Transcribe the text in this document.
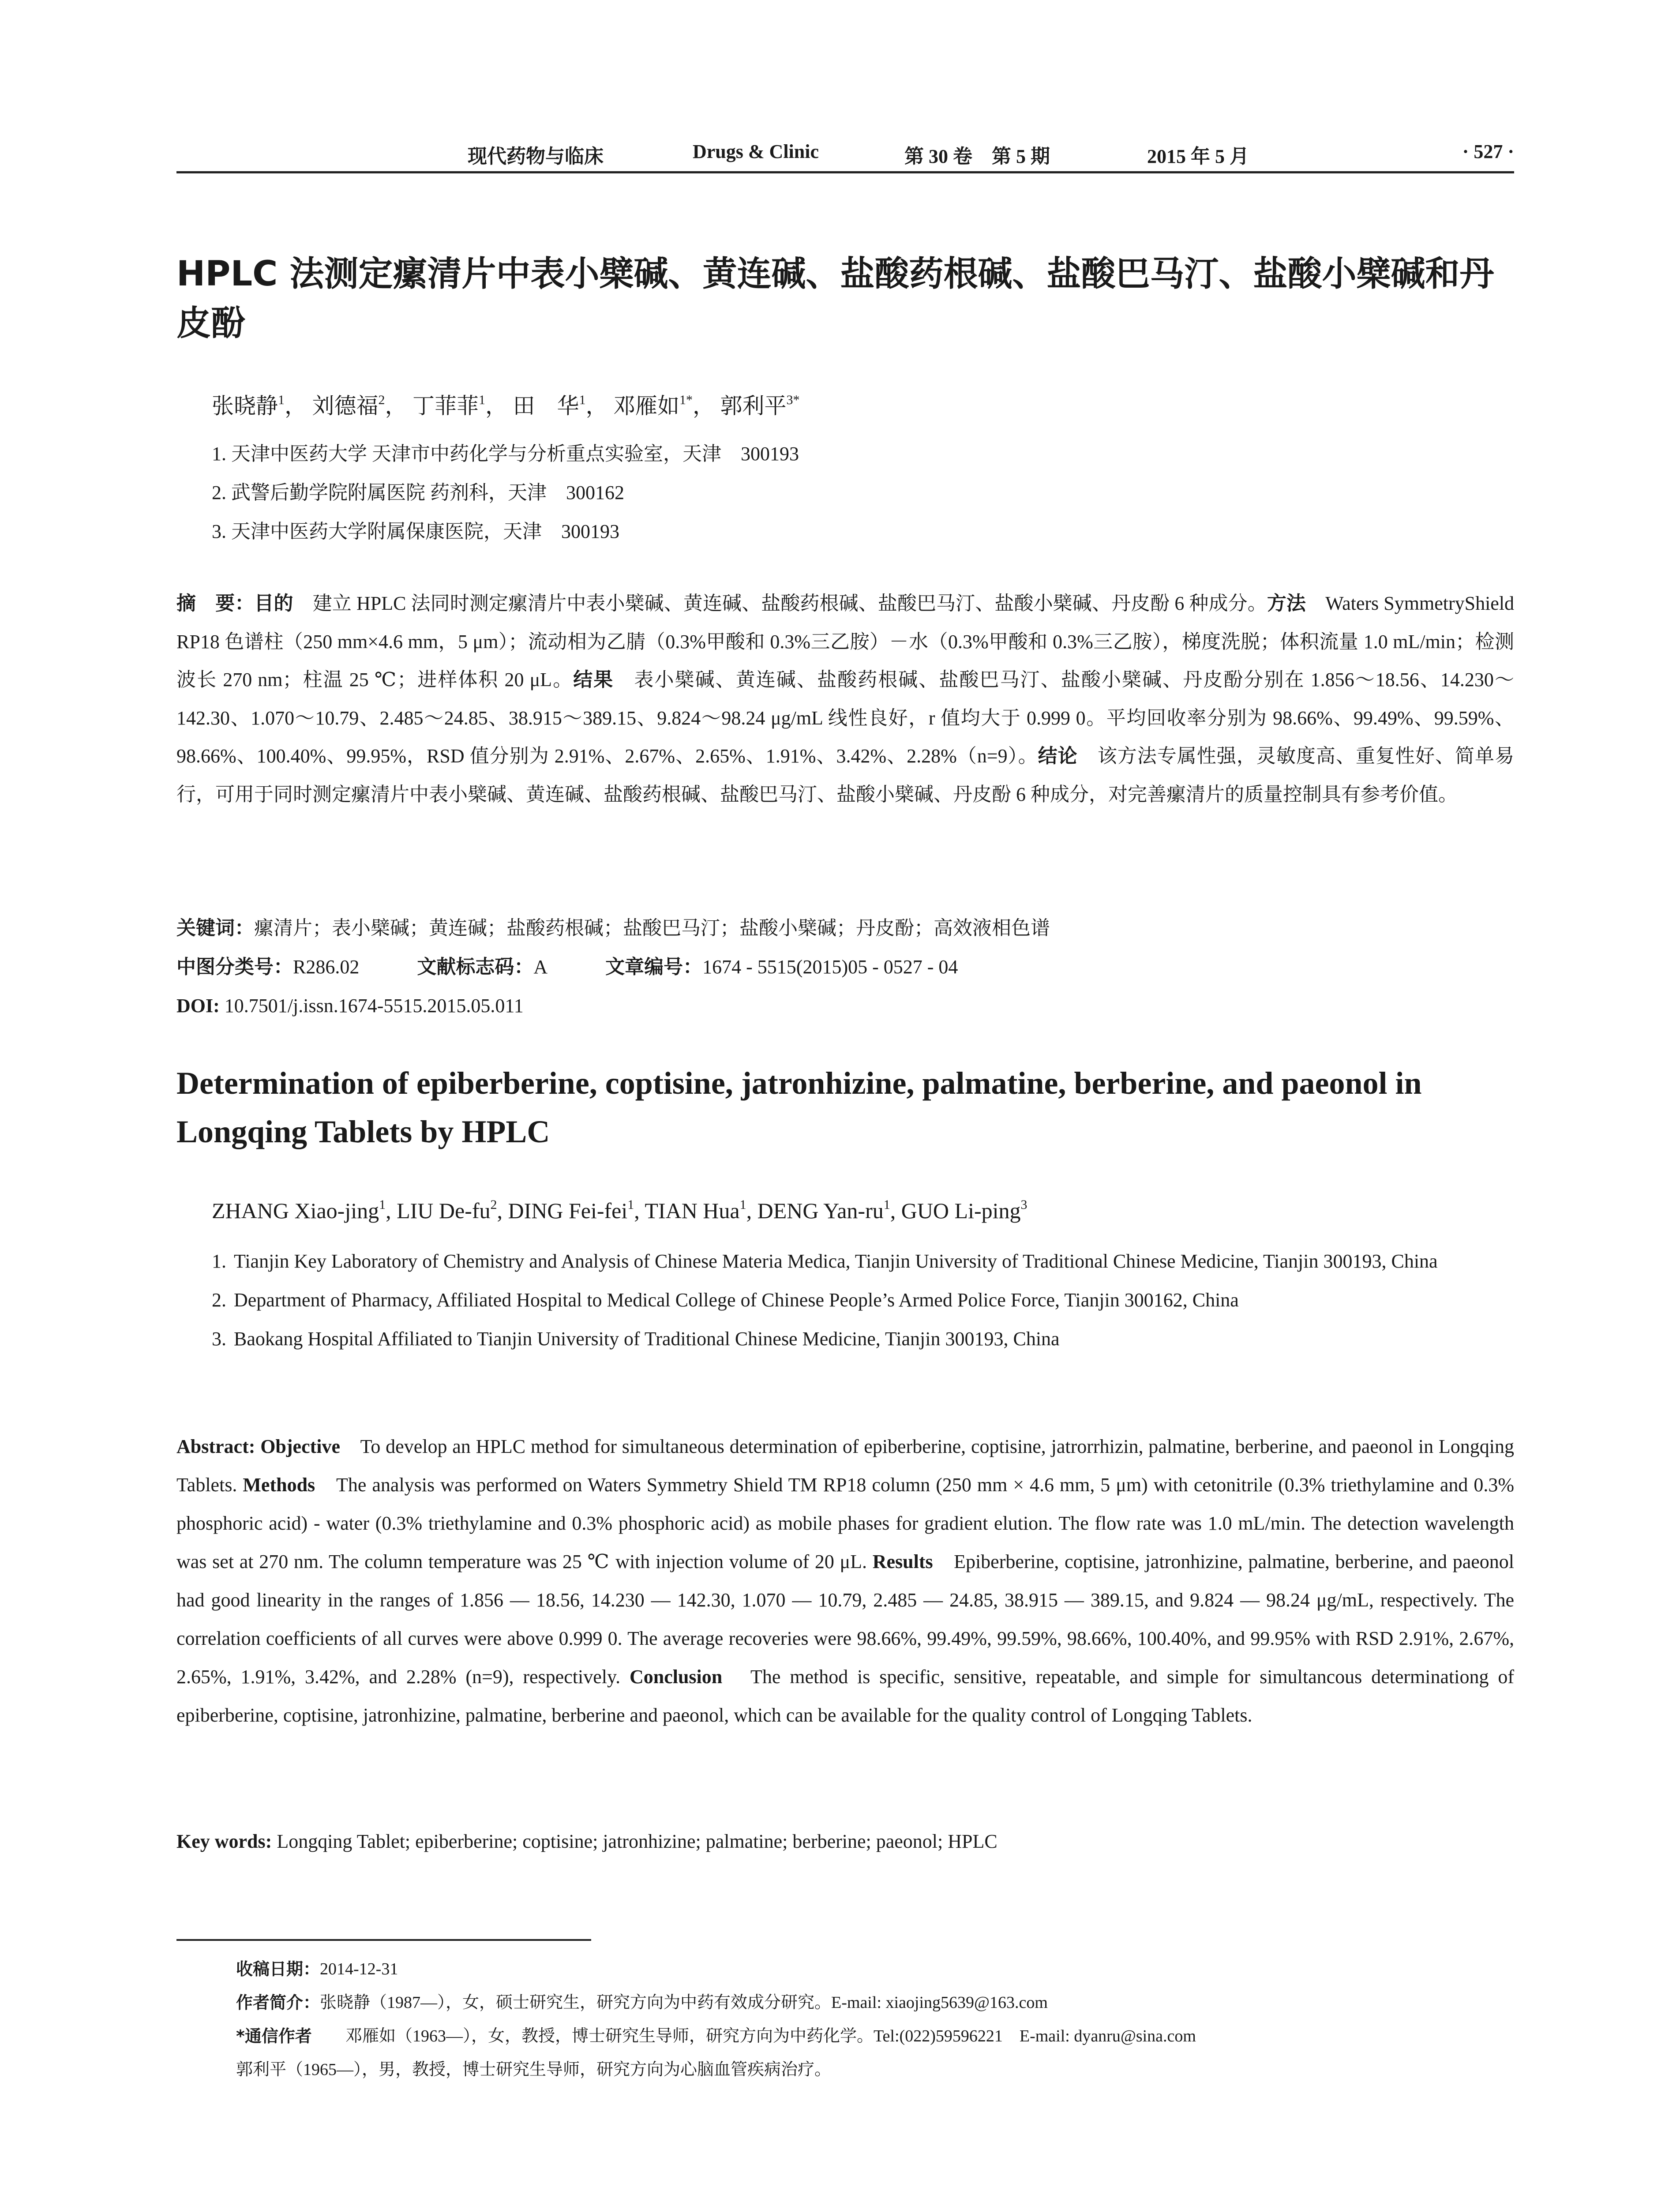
现代药物与临床	Drugs & Clinic	第 30 卷　第 5 期	2015 年 5 月	· 527 ·
HPLC 法测定瘰清片中表小檗碱、黄连碱、盐酸药根碱、盐酸巴马汀、盐酸小檗碱和丹皮酚
张晓静$^1$， 刘德福$^2$， 丁菲菲$^1$， 田　华$^1$， 邓雁如$^{1*}$， 郭利平$^{3*}$
1. 天津中医药大学 天津市中药化学与分析重点实验室，天津　300193
2. 武警后勤学院附属医院 药剂科，天津　300162
3. 天津中医药大学附属保康医院，天津　300193

摘　要：目的　建立 HPLC 法同时测定瘰清片中表小檗碱、黄连碱、盐酸药根碱、盐酸巴马汀、盐酸小檗碱、丹皮酚 6 种成分。方法　Waters SymmetryShield RP18 色谱柱（250 mm×4.6 mm，5 μm）；流动相为乙腈（0.3%甲酸和 0.3%三乙胺）－水（0.3%甲酸和 0.3%三乙胺），梯度洗脱；体积流量 1.0 mL/min；检测波长 270 nm；柱温 25 ℃；进样体积 20 μL。结果　表小檗碱、黄连碱、盐酸药根碱、盐酸巴马汀、盐酸小檗碱、丹皮酚分别在 1.856～18.56、14.230～142.30、1.070～10.79、2.485～24.85、38.915～389.15、9.824～98.24 μg/mL 线性良好，r 值均大于 0.999 0。平均回收率分别为 98.66%、99.49%、99.59%、98.66%、100.40%、99.95%，RSD 值分别为 2.91%、2.67%、2.65%、1.91%、3.42%、2.28%（n=9）。结论　该方法专属性强，灵敏度高、重复性好、简单易行，可用于同时测定瘰清片中表小檗碱、黄连碱、盐酸药根碱、盐酸巴马汀、盐酸小檗碱、丹皮酚 6 种成分，对完善瘰清片的质量控制具有参考价值。

关键词：瘰清片；表小檗碱；黄连碱；盐酸药根碱；盐酸巴马汀；盐酸小檗碱；丹皮酚；高效液相色谱
中图分类号：R286.02	文献标志码：A	文章编号：1674 - 5515(2015)05 - 0527 - 04
DOI: 10.7501/j.issn.1674-5515.2015.05.011
Determination of epiberberine, coptisine, jatronhizine, palmatine, berberine, and paeonol in Longqing Tablets by HPLC
ZHANG Xiao-jing$^1$, LIU $De-fu^2$, DING Fei-fei$^1$, TIAN Hua$^1$, DENG Yan-$ru^1$, GUO Li-ping$^3$
1. Tianjin Key Laboratory of Chemistry and Analysis of Chinese Materia Medica, Tianjin University of Traditional Chinese Medicine, Tianjin 300193, China
2. Department of Pharmacy, Affiliated Hospital to Medical College of Chinese People’s Armed Police Force, Tianjin 300162, China
3. Baokang Hospital Affiliated to Tianjin University of Traditional Chinese Medicine, Tianjin 300193, China

Abstract: Objective　To develop an HPLC method for simultaneous determination of epiberberine, coptisine, jatrorrhizin, palmatine, berberine, and paeonol in Longqing Tablets. Methods　The analysis was performed on Waters Symmetry Shield TM RP18 column (250 mm × 4.6 mm, 5 μm) with cetonitrile (0.3% triethylamine and 0.3% phosphoric acid) - water (0.3% triethylamine and 0.3% phosphoric acid) as mobile phases for gradient elution. The flow rate was 1.0 mL/min. The detection wavelength was set at 270 nm. The column temperature was 25 ℃ with injection volume of 20 μL. Results　Epiberberine, coptisine, jatronhizine, palmatine, berberine, and paeonol had good linearity in the ranges of 1.856 — 18.56, 14.230 — 142.30, 1.070 — 10.79, 2.485 — 24.85, 38.915 — 389.15, and 9.824 — 98.24 μg/mL, respectively. The correlation coefficients of all curves were above 0.999 0. The average recoveries were 98.66%, 99.49%, 99.59%, 98.66%, 100.40%, and 99.95% with RSD 2.91%, 2.67%, 2.65%, 1.91%, 3.42%, and 2.28% (n=9), respectively. Conclusion　The method is specific, sensitive, repeatable, and simple for simultancous determinationg of epiberberine, coptisine, jatronhizine, palmatine, berberine and paeonol, which can be available for the quality control of Longqing Tablets.

Key words: Longqing Tablet; epiberberine; coptisine; jatronhizine; palmatine; berberine; paeonol; HPLC
收稿日期： 2014-12-31
作者简介： 张晓静（1987—），女，硕士研究生，研究方向为中药有效成分研究。E-mail: xiaojing5639@163.com
*通信作者	邓雁如（1963—），女，教授，博士研究生导师，研究方向为中药化学。Tel:(022)59596221　E-mail: dyanru@sina.com
郭利平（1965—），男，教授，博士研究生导师，研究方向为心脑血管疾病治疗。
